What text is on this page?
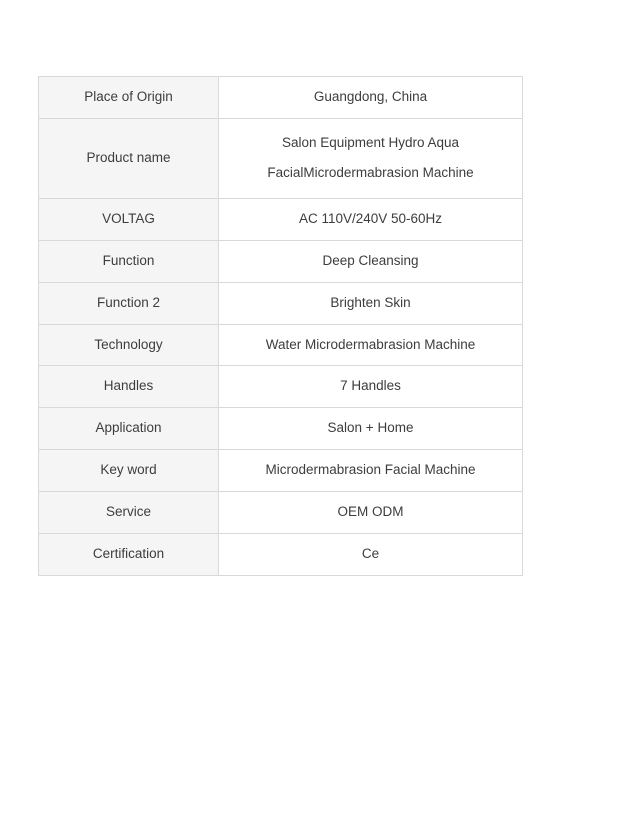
Place of Origin	Guangdong, China

Product name	Salon Equipment Hydro Aqua
FacialMicrodermabrasion Machine

VOLTAG	AC 110V/240V 50-60Hz

Function	Deep Cleansing

Function 2	Brighten Skin

Technology	Water Microdermabrasion Machine

Handles	7 Handles

Application	Salon + Home

Key word	Microdermabrasion Facial Machine

Service	OEM ODM

Certification	Ce
